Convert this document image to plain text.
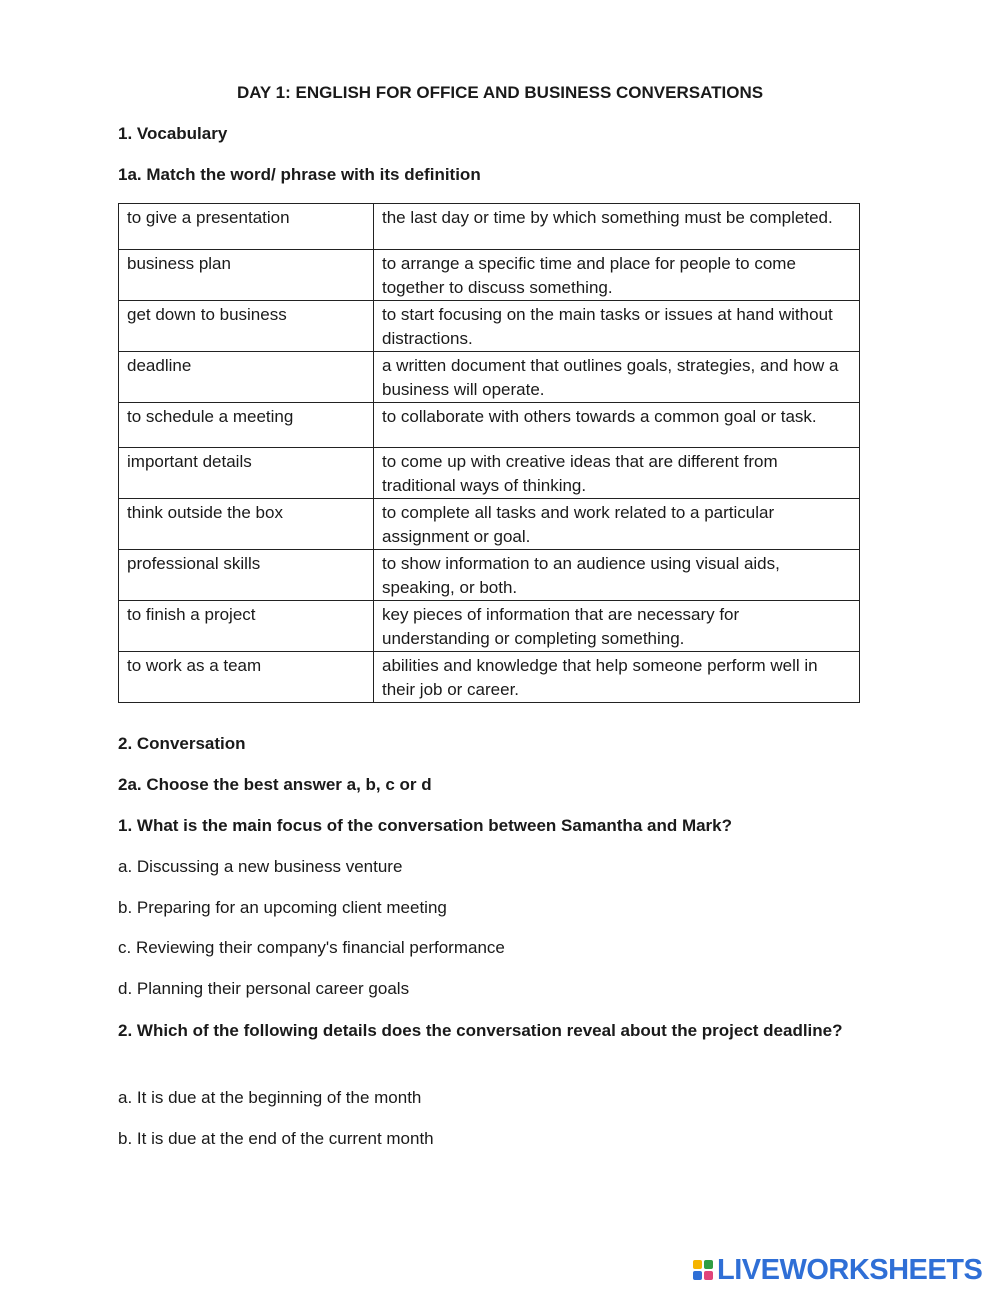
DAY 1: ENGLISH FOR OFFICE AND BUSINESS CONVERSATIONS
1. Vocabulary
1a. Match the word/ phrase with its definition
to give a presentation	the last day or time by which something must be completed.
business plan	to arrange a specific time and place for people to come together to discuss something.
get down to business	to start focusing on the main tasks or issues at hand without distractions.
deadline	a written document that outlines goals, strategies, and how a business will operate.
to schedule a meeting	to collaborate with others towards a common goal or task.
important details	to come up with creative ideas that are different from traditional ways of thinking.
think outside the box	to complete all tasks and work related to a particular assignment or goal.
professional skills	to show information to an audience using visual aids, speaking, or both.
to finish a project	key pieces of information that are necessary for understanding or completing something.
to work as a team	abilities and knowledge that help someone perform well in their job or career.
2. Conversation
2a. Choose the best answer a, b, c or d
1. What is the main focus of the conversation between Samantha and Mark?
a. Discussing a new business venture
b. Preparing for an upcoming client meeting
c. Reviewing their company's financial performance
d. Planning their personal career goals
2. Which of the following details does the conversation reveal about the project deadline?
a. It is due at the beginning of the month
b. It is due at the end of the current month
LIVEWORKSHEETS
